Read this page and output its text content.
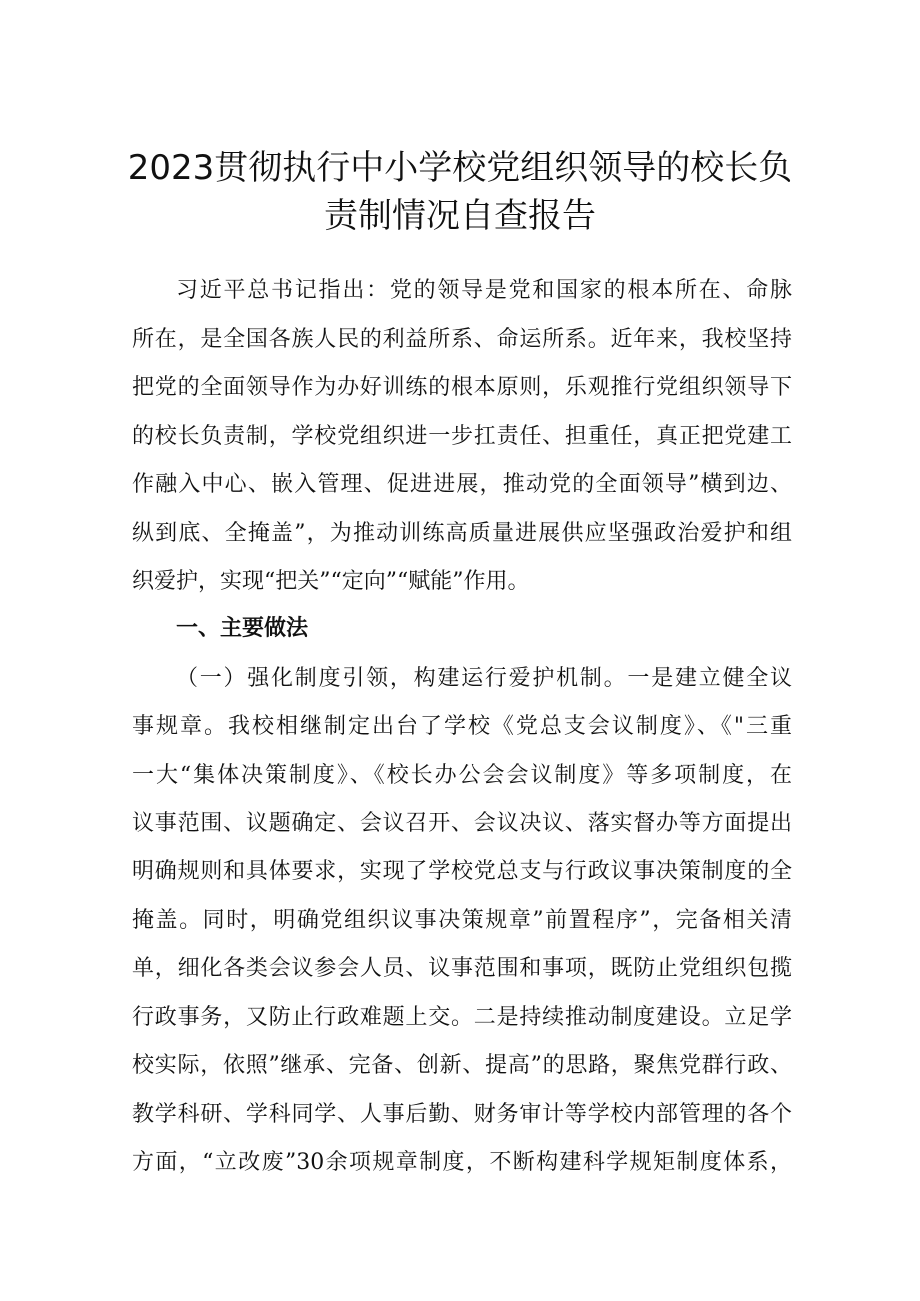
2023贯彻执行中小学校党组织领导的校长负
责制情况自查报告
习近平总书记指出：党的领导是党和国家的根本所在、命脉
所在，是全国各族人民的利益所系、命运所系。近年来，我校坚持
把党的全面领导作为办好训练的根本原则，乐观推行党组织领导下
的校长负责制，学校党组织进一步扛责任、担重任，真正把党建工
作融入中心、嵌入管理、促进进展，推动党的全面领导”横到边、
纵到底、全掩盖”，为推动训练高质量进展供应坚强政治爱护和组
织爱护，实现“把关”“定向”“赋能”作用。
一、主要做法
（一）强化制度引领，构建运行爱护机制。一是建立健全议
事规章。我校相继制定出台了学校《党总支会议制度》、《"三重
一大“集体决策制度》、《校长办公会会议制度》等多项制度，在
议事范围、议题确定、会议召开、会议决议、落实督办等方面提出
明确规则和具体要求，实现了学校党总支与行政议事决策制度的全
掩盖。同时，明确党组织议事决策规章”前置程序”，完备相关清
单，细化各类会议参会人员、议事范围和事项，既防止党组织包揽
行政事务，又防止行政难题上交。二是持续推动制度建设。立足学
校实际，依照”继承、完备、创新、提高”的思路，聚焦党群行政、
教学科研、学科同学、人事后勤、财务审计等学校内部管理的各个
方面，“立改废”30余项规章制度，不断构建科学规矩制度体系，
